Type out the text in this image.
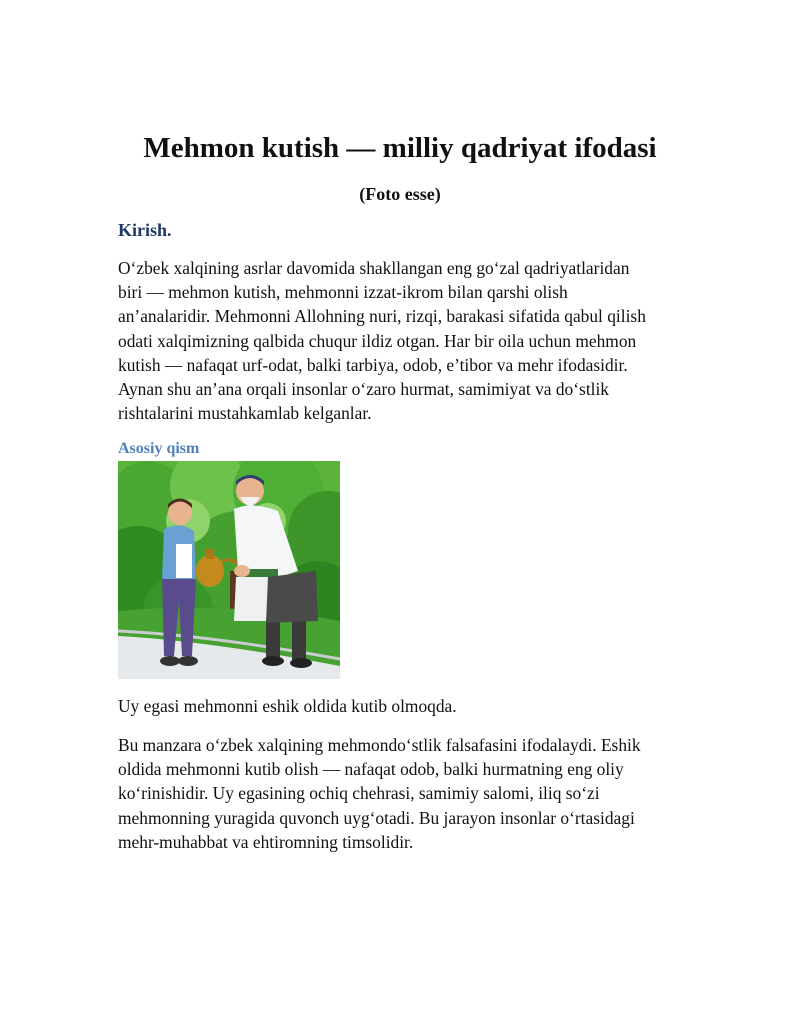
Mehmon kutish — milliy qadriyat ifodasi

(Foto esse)

Kirish.

O‘zbek xalqining asrlar davomida shakllangan eng go‘zal qadriyatlaridan
biri — mehmon kutish, mehmonni izzat-ikrom bilan qarshi olish
an’analaridir. Mehmonni Allohning nuri, rizqi, barakasi sifatida qabul qilish
odati xalqimizning qalbida chuqur ildiz otgan. Har bir oila uchun mehmon
kutish — nafaqat urf-odat, balki tarbiya, odob, e’tibor va mehr ifodasidir.
Aynan shu an’ana orqali insonlar o‘zaro hurmat, samimiyat va do‘stlik
rishtalarini mustahkamlab kelganlar.

Asosiy qism

Uy egasi mehmonni eshik oldida kutib olmoqda.

Bu manzara o‘zbek xalqining mehmondo‘stlik falsafasini ifodalaydi. Eshik
oldida mehmonni kutib olish — nafaqat odob, balki hurmatning eng oliy
ko‘rinishidir. Uy egasining ochiq chehrasi, samimiy salomi, iliq so‘zi
mehmonning yuragida quvonch uyg‘otadi. Bu jarayon insonlar o‘rtasidagi
mehr-muhabbat va ehtiromning timsolidir.
